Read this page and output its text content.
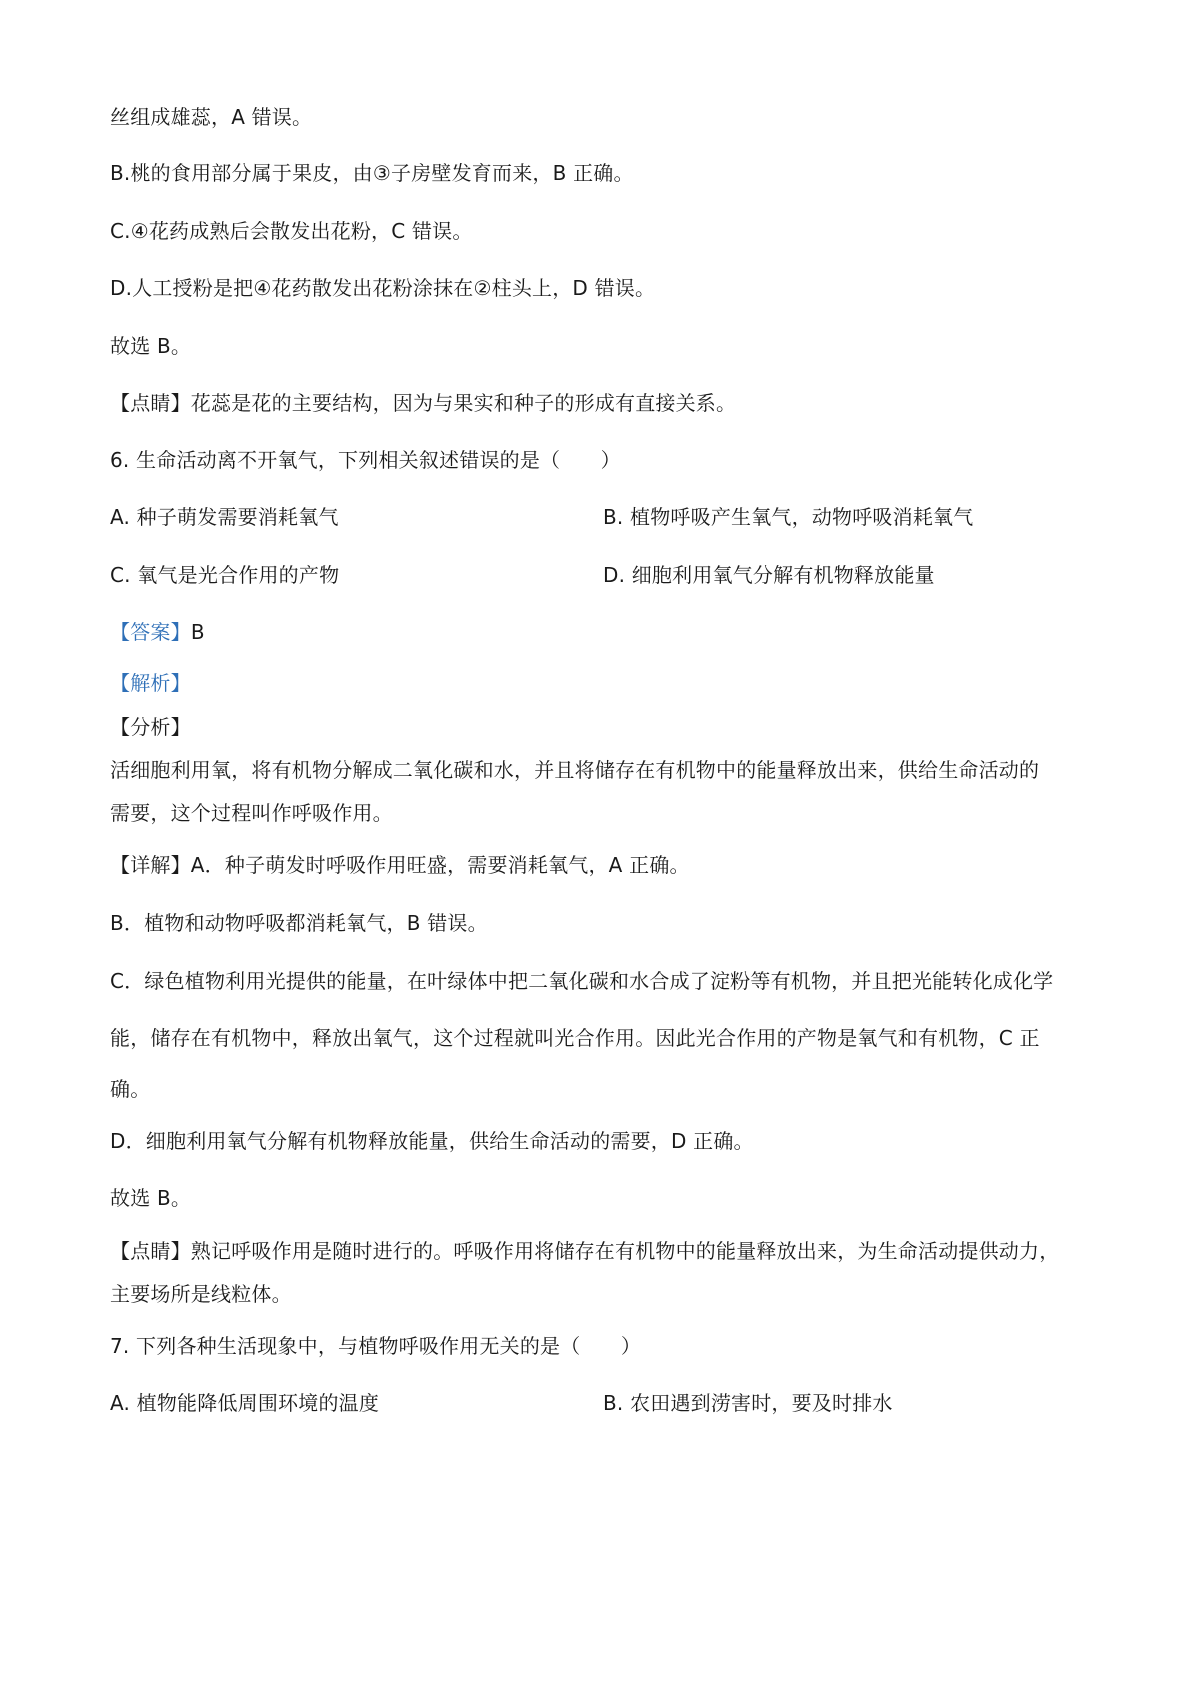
丝组成雄蕊，A 错误。

B.桃的食用部分属于果皮，由③子房壁发育而来，B 正确。

C.④花药成熟后会散发出花粉，C 错误。

D.人工授粉是把④花药散发出花粉涂抹在②柱头上，D 错误。

故选 B。

【点睛】花蕊是花的主要结构，因为与果实和种子的形成有直接关系。

6. 生命活动离不开氧气，下列相关叙述错误的是（　　）

A. 种子萌发需要消耗氧气	B. 植物呼吸产生氧气，动物呼吸消耗氧气

C. 氧气是光合作用的产物	D. 细胞利用氧气分解有机物释放能量

【答案】B

【解析】

【分析】

活细胞利用氧，将有机物分解成二氧化碳和水，并且将储存在有机物中的能量释放出来，供给生命活动的

需要，这个过程叫作呼吸作用。

【详解】A．种子萌发时呼吸作用旺盛，需要消耗氧气，A 正确。

B．植物和动物呼吸都消耗氧气，B 错误。

C．绿色植物利用光提供的能量，在叶绿体中把二氧化碳和水合成了淀粉等有机物，并且把光能转化成化学

能，储存在有机物中，释放出氧气，这个过程就叫光合作用。因此光合作用的产物是氧气和有机物，C 正

确。

D．细胞利用氧气分解有机物释放能量，供给生命活动的需要，D 正确。

故选 B。

【点睛】熟记呼吸作用是随时进行的。呼吸作用将储存在有机物中的能量释放出来，为生命活动提供动力，

主要场所是线粒体。

7. 下列各种生活现象中，与植物呼吸作用无关的是（　　）

A. 植物能降低周围环境的温度	B. 农田遇到涝害时，要及时排水
